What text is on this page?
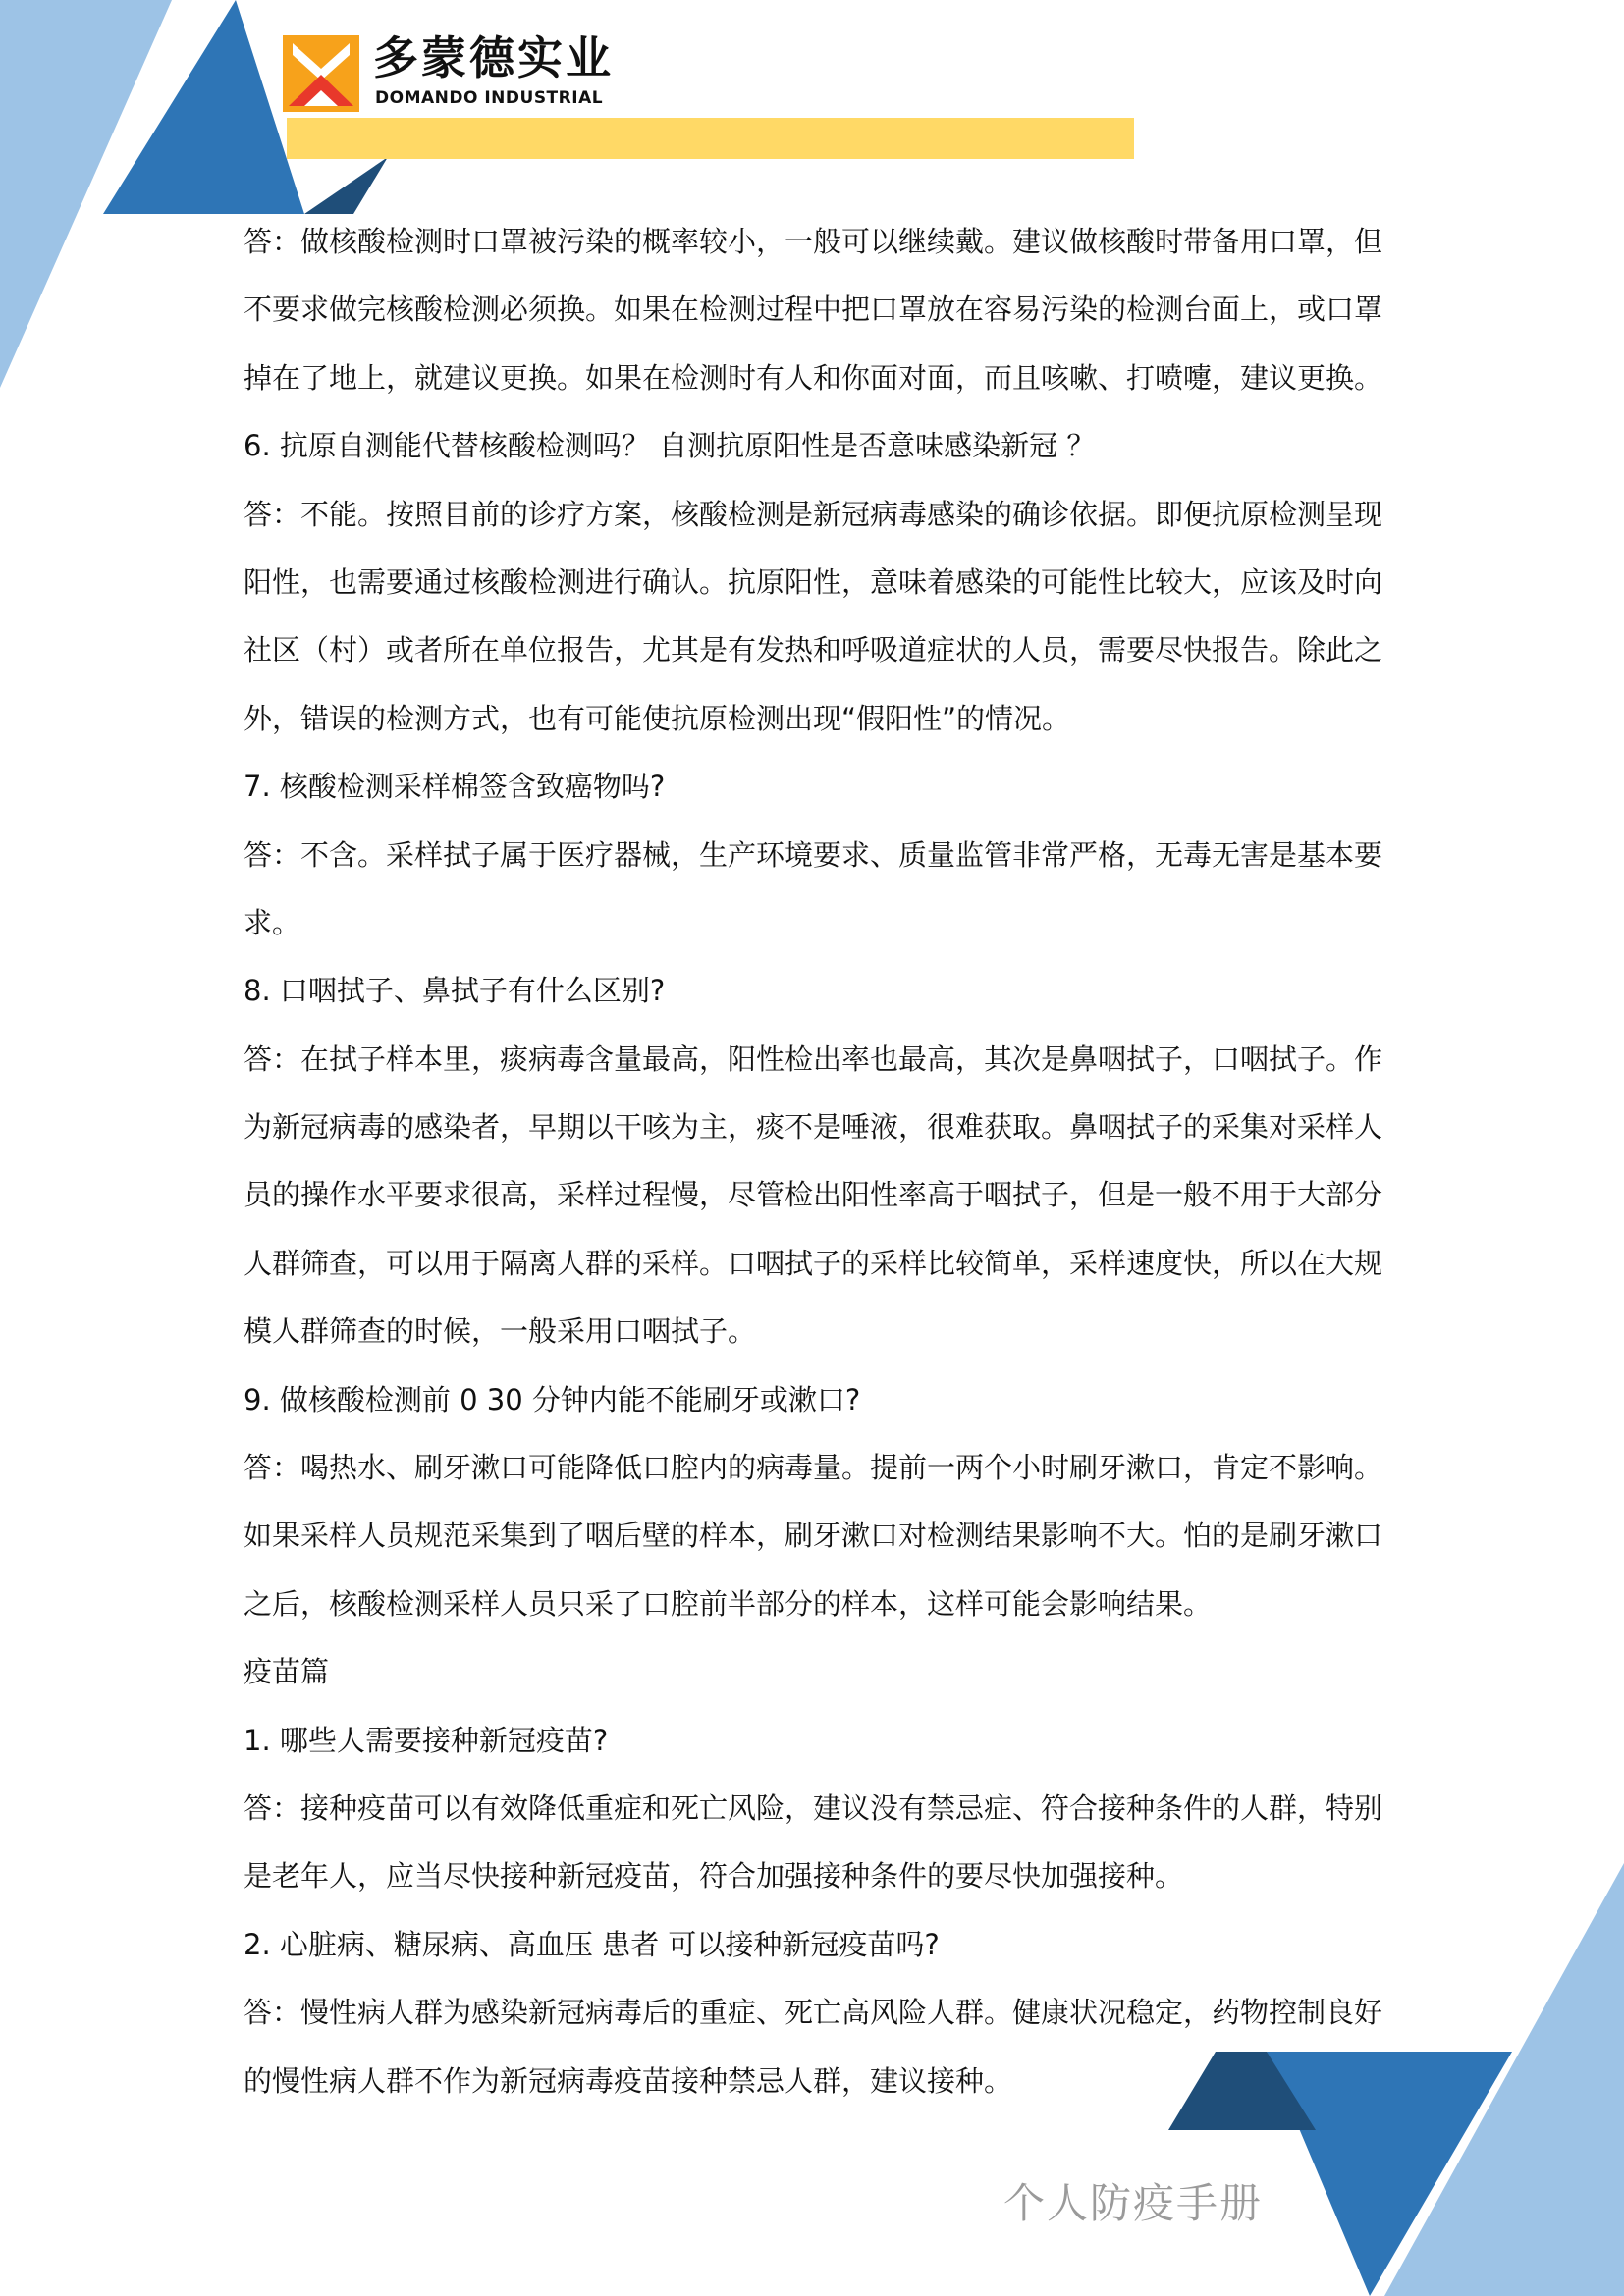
多蒙德实业
DOMANDO INDUSTRIAL
答：做核酸检测时口罩被污染的概率较小，一般可以继续戴。建议做核酸时带备用口罩，但
不要求做完核酸检测必须换。如果在检测过程中把口罩放在容易污染的检测台面上，或口罩
掉在了地上，就建议更换。如果在检测时有人和你面对面，而且咳嗽、打喷嚏，建议更换。
6. 抗原自测能代替核酸检测吗？ 自测抗原阳性是否意味感染新冠 ？
答：不能。按照目前的诊疗方案，核酸检测是新冠病毒感染的确诊依据。即便抗原检测呈现
阳性，也需要通过核酸检测进行确认。抗原阳性，意味着感染的可能性比较大，应该及时向
社区（村）或者所在单位报告，尤其是有发热和呼吸道症状的人员，需要尽快报告。除此之
外，错误的检测方式，也有可能使抗原检测出现“假阳性”的情况。
7. 核酸检测采样棉签含致癌物吗?
答：不含。采样拭子属于医疗器械，生产环境要求、质量监管非常严格，无毒无害是基本要
求。
8. 口咽拭子、鼻拭子有什么区别?
答：在拭子样本里，痰病毒含量最高，阳性检出率也最高，其次是鼻咽拭子，口咽拭子。作
为新冠病毒的感染者，早期以干咳为主，痰不是唾液，很难获取。鼻咽拭子的采集对采样人
员的操作水平要求很高，采样过程慢，尽管检出阳性率高于咽拭子，但是一般不用于大部分
人群筛查，可以用于隔离人群的采样。口咽拭子的采样比较简单，采样速度快，所以在大规
模人群筛查的时候，一般采用口咽拭子。
9. 做核酸检测前 0 30 分钟内能不能刷牙或漱口?
答：喝热水、刷牙漱口可能降低口腔内的病毒量。提前一两个小时刷牙漱口，肯定不影响。
如果采样人员规范采集到了咽后壁的样本，刷牙漱口对检测结果影响不大。怕的是刷牙漱口
之后，核酸检测采样人员只采了口腔前半部分的样本，这样可能会影响结果。
疫苗篇
1. 哪些人需要接种新冠疫苗?
答：接种疫苗可以有效降低重症和死亡风险，建议没有禁忌症、符合接种条件的人群，特别
是老年人，应当尽快接种新冠疫苗，符合加强接种条件的要尽快加强接种。
2. 心脏病、糖尿病、高血压 患者 可以接种新冠疫苗吗?
答：慢性病人群为感染新冠病毒后的重症、死亡高风险人群。健康状况稳定，药物控制良好
的慢性病人群不作为新冠病毒疫苗接种禁忌人群，建议接种。
个人防疫手册
